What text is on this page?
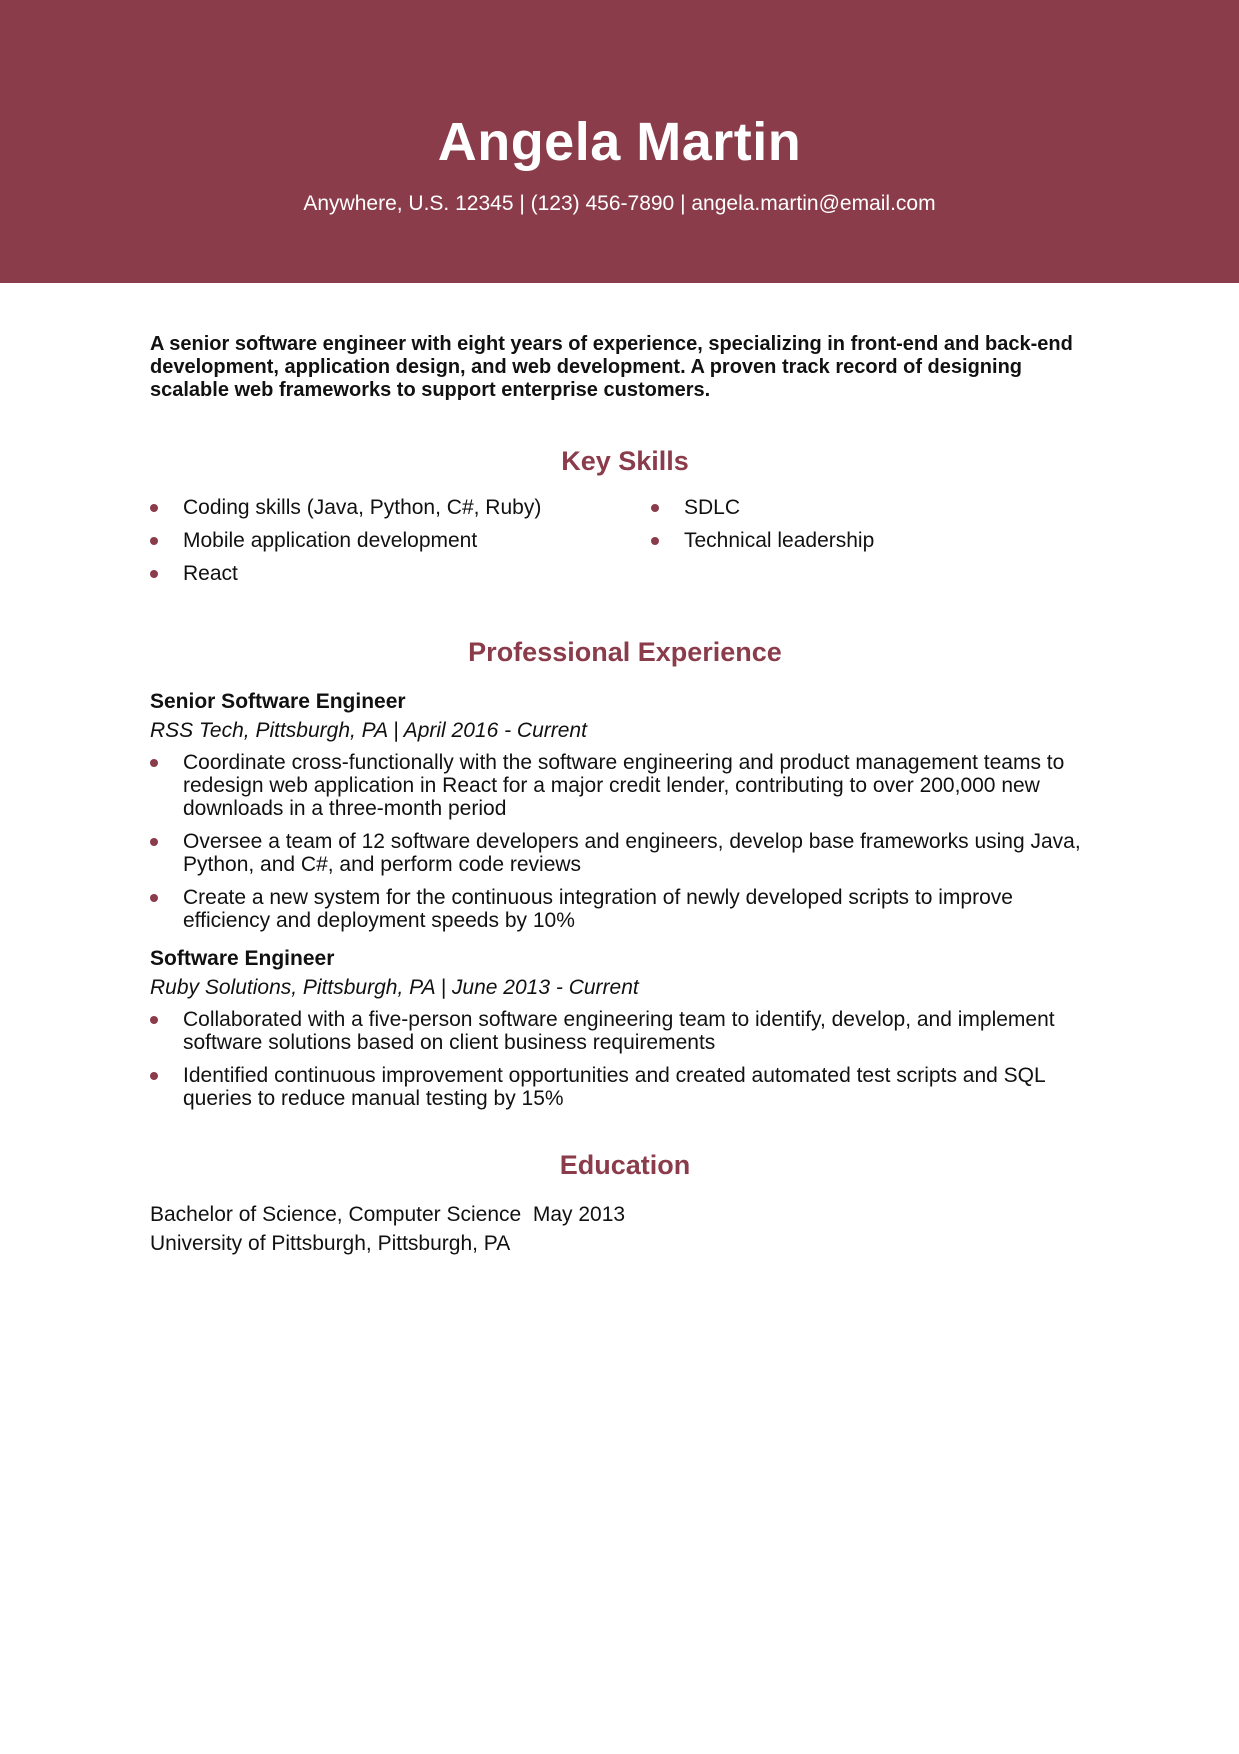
Angela Martin
Anywhere, U.S. 12345 | (123) 456-7890 | angela.martin@email.com

A senior software engineer with eight years of experience, specializing in front-end and back-end development, application design, and web development. A proven track record of designing scalable web frameworks to support enterprise customers.

Key Skills
Coding skills (Java, Python, C#, Ruby)
Mobile application development
React
SDLC
Technical leadership
Professional Experience
Senior Software Engineer
RSS Tech, Pittsburgh, PA | April 2016 - Current
Coordinate cross-functionally with the software engineering and product management teams to redesign web application in React for a major credit lender, contributing to over 200,000 new downloads in a three-month period
Oversee a team of 12 software developers and engineers, develop base frameworks using Java, Python, and C#, and perform code reviews
Create a new system for the continuous integration of newly developed scripts to improve efficiency and deployment speeds by 10%
Software Engineer
Ruby Solutions, Pittsburgh, PA | June 2013 - Current
Collaborated with a five-person software engineering team to identify, develop, and implement software solutions based on client business requirements
Identified continuous improvement opportunities and created automated test scripts and SQL queries to reduce manual testing by 15%
Education
Bachelor of Science, Computer Science  May 2013
University of Pittsburgh, Pittsburgh, PA
